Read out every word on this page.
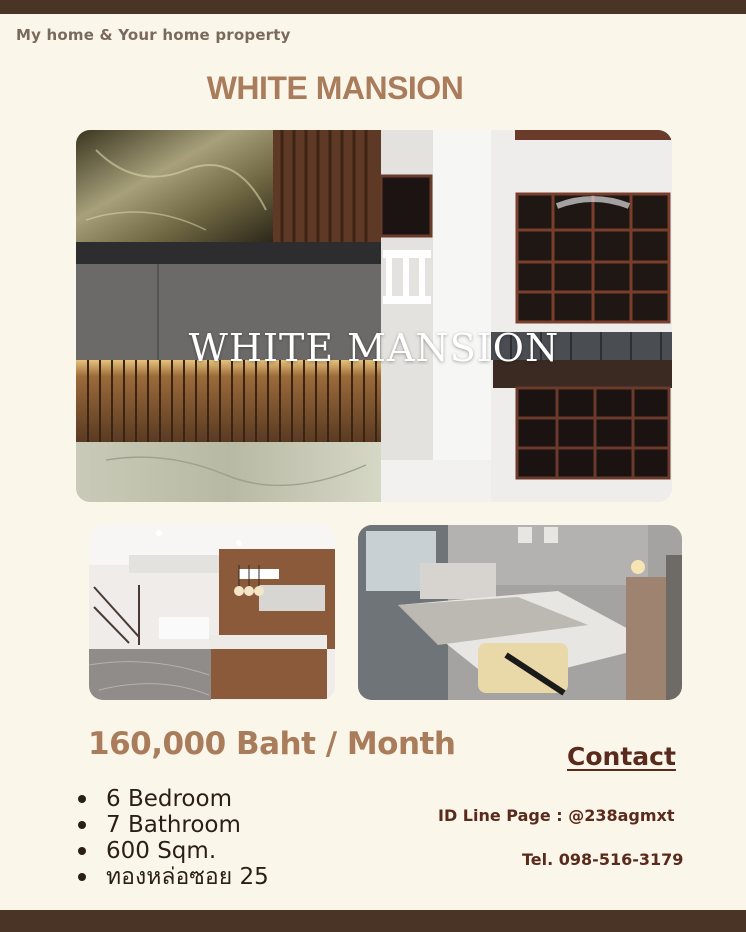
My home & Your home property
WHITE MANSION
WHITE MANSION
160,000 Baht / Month
6 Bedroom
7 Bathroom
600 Sqm.
ทองหล่อซอย 25
Contact
ID Line Page : @238agmxt
Tel. 098-516-3179
